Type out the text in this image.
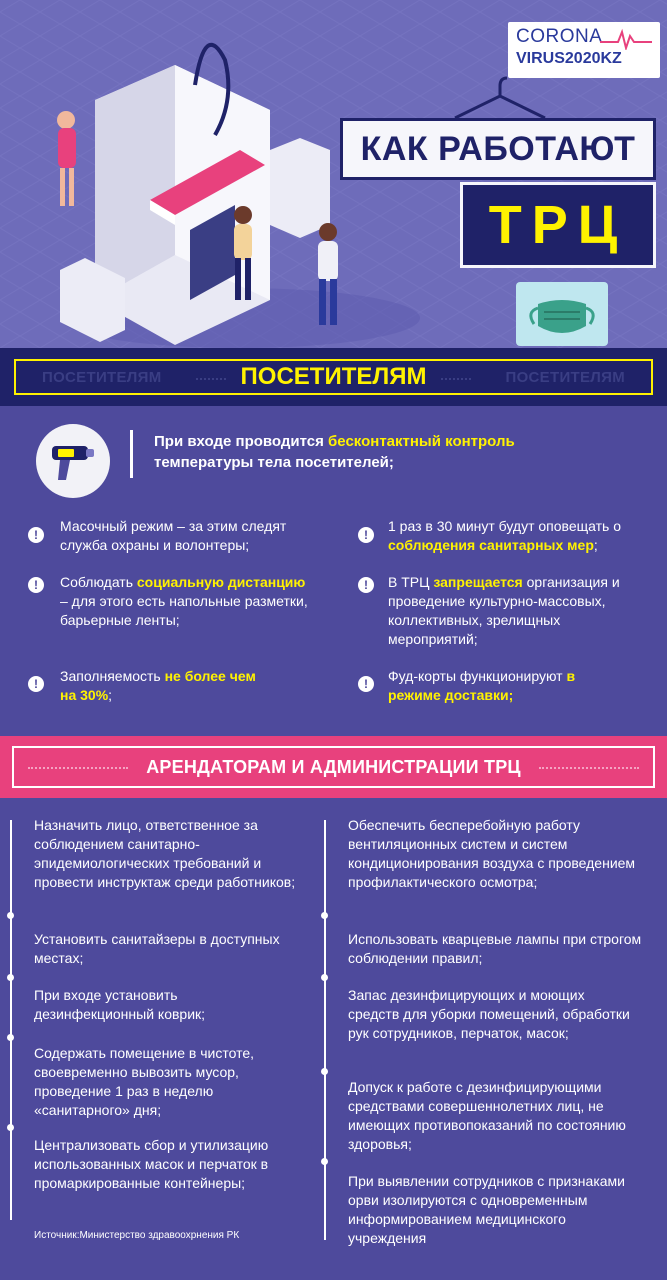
CORONA
VIRUS2020KZ
КАК РАБОТАЮТ
ТРЦ
ПОСЕТИТЕЛЯМ	ПОСЕТИТЕЛЯМ	ПОСЕТИТЕЛЯМ
При входе проводится бесконтактный контроль
температуры тела посетителей;
!
Масочный режим – за этим следят служба охраны и волонтеры;
!	Соблюдать социальную дистанцию – для этого есть напольные разметки, барьерные ленты;
!	Заполняемость не более чем на 30%;
!
1 раз в 30 минут будут оповещать о соблюдения санитарных мер;
!	В ТРЦ запрещается организация и проведение культурно-массовых, коллективных, зрелищных мероприятий;
!	Фуд-корты функционируют в режиме доставки;
АРЕНДАТОРАМ И АДМИНИСТРАЦИИ ТРЦ
Назначить лицо, ответственное за соблюдением санитарно-эпидемиологических требований и провести инструктаж среди работников;
Установить санитайзеры в доступных местах;
При входе установить дезинфекционный коврик;
Содержать помещение в чистоте, своевременно вывозить мусор, проведение 1 раз в неделю «санитарного» дня;
Централизовать сбор и утилизацию использованных масок и перчаток в промаркированные контейнеры;
Обеспечить бесперебойную работу вентиляционных систем и систем кондиционирования воздуха с проведением профилактического осмотра;
Использовать кварцевые лампы при строгом соблюдении правил;
Запас дезинфицирующих и моющих средств для уборки помещений, обработки рук сотрудников, перчаток, масок;
Допуск к работе с дезинфицирующими средствами совершеннолетних лиц, не имеющих противопоказаний по состоянию здоровья;
При выявлении сотрудников с признаками орви изолируются с одновременным информированием медицинского учреждения
Источник:Министерство здравоохрнения РК
